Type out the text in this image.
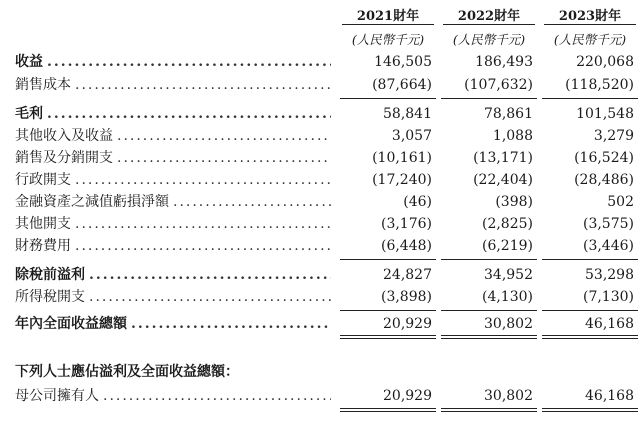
2021財年	2022財年	2023財年
(人民幣千元)	(人民幣千元)	(人民幣千元)
收益 .....	146,505	186,493	220,068
銷售成本 .....	(87,664)	(107,632)	(118,520)
毛利 .....	58,841	78,861	101,548
其他收入及收益 .....	3,057	1,088	3,279
銷售及分銷開支 .....	(10,161)	(13,171)	(16,524)
行政開支 .....	(17,240)	(22,404)	(28,486)
金融資產之減值虧損淨額 .....	(46)	(398)	502
其他開支 .....	(3,176)	(2,825)	(3,575)
財務費用 .....	(6,448)	(6,219)	(3,446)
除稅前溢利 .....	24,827	34,952	53,298
所得稅開支 .....	(3,898)	(4,130)	(7,130)
年內全面收益總額 .....	20,929	30,802	46,168
下列人士應佔溢利及全面收益總額：
母公司擁有人 .....	20,929	30,802	46,168
